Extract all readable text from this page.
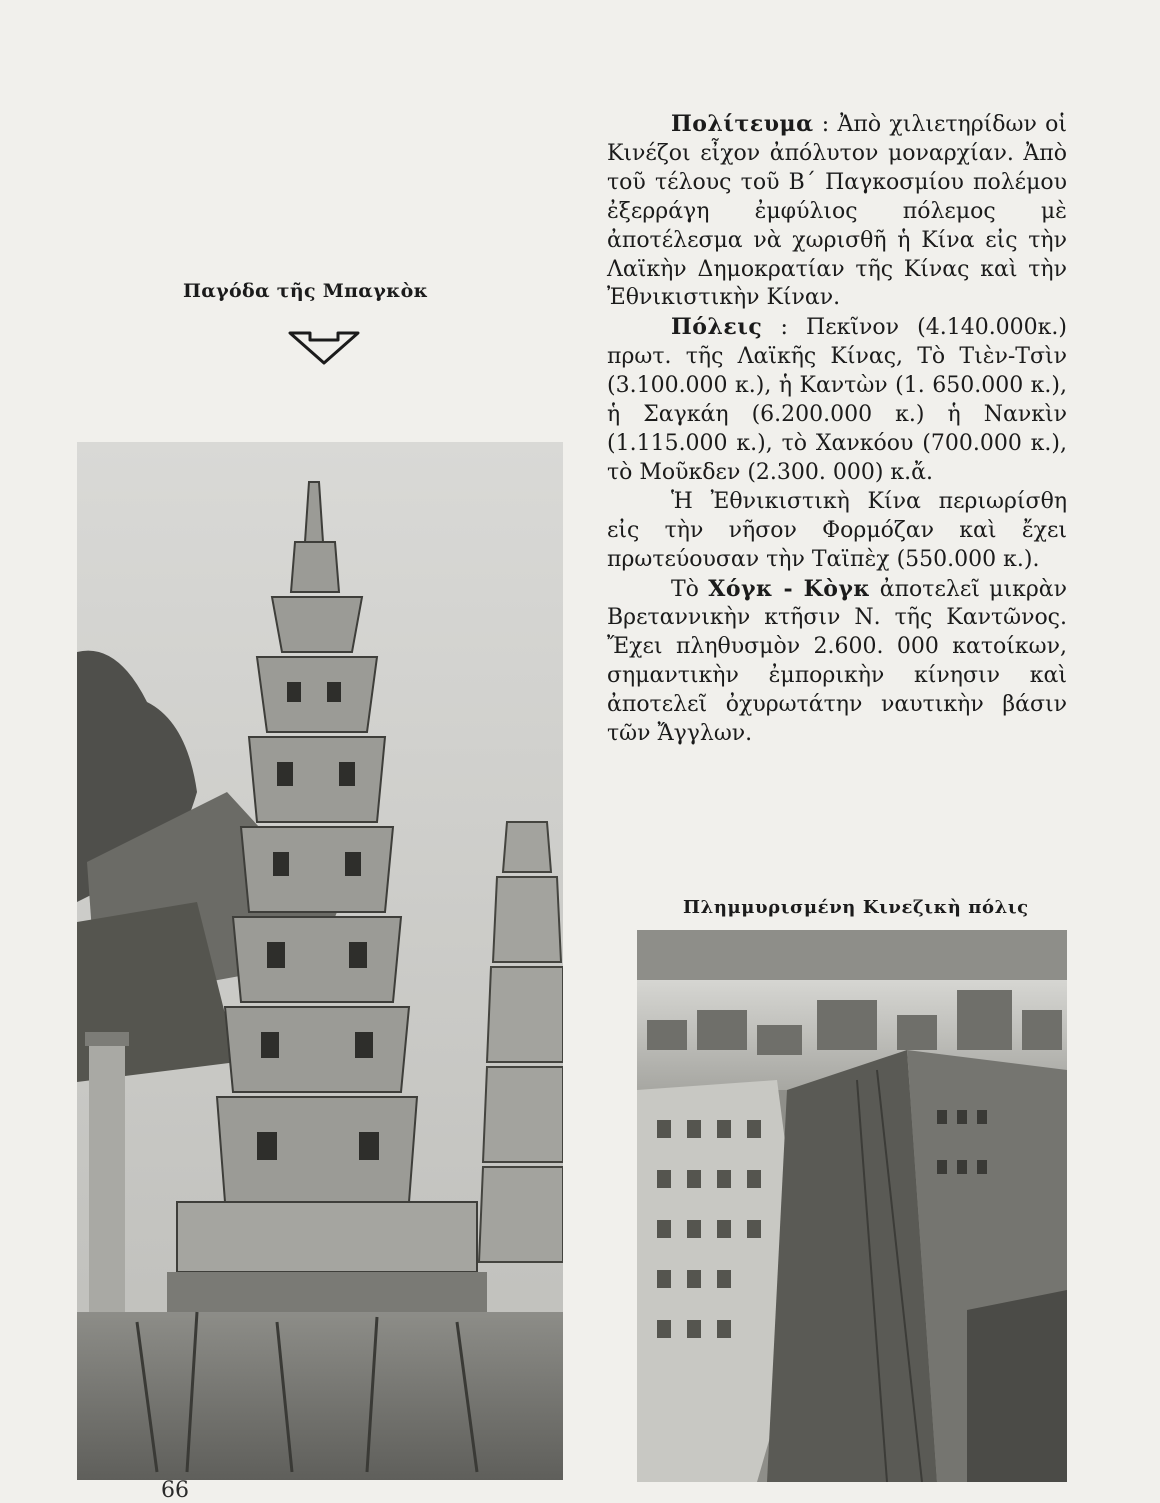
Παγόδα τῆς Μπαγκὸκ

Πολίτευμα : Ἀπὸ χιλιετηρίδων οἱ Κινέζοι εἶχον ἀπόλυτον μοναρχίαν. Ἀπὸ τοῦ τέλους τοῦ Β΄ Παγκοσμίου πολέμου ἐξερράγη ἐμφύλιος πόλεμος μὲ ἀποτέλεσμα νὰ χωρισθῆ ἡ Κίνα εἰς τὴν Λαϊκὴν Δημοκρατίαν τῆς Κίνας καὶ τὴν Ἐθνικιστικὴν Κίναν.

Πόλεις : Πεκῖνον (4.140.000κ.) πρωτ. τῆς Λαϊκῆς Κίνας, Τὸ Τιὲν-Τσὶν (3.100.000 κ.), ἡ Καντὼν (1. 650.000 κ.), ἡ Σαγκάη (6.200.000 κ.) ἡ Νανκὶν (1.115.000 κ.), τὸ Χανκόου (700.000 κ.), τὸ Μοῦκδεν (2.300. 000) κ.ἄ.

Ἡ Ἐθνικιστικὴ Κίνα περιωρίσθη εἰς τὴν νῆσον Φορμόζαν καὶ ἔχει πρωτεύουσαν τὴν Ταϊπὲχ (550.000 κ.).

Τὸ Χόγκ - Κὸγκ ἀποτελεῖ μικρὰν Βρεταννικὴν κτῆσιν Ν. τῆς Καντῶνος. Ἔχει πληθυσμὸν 2.600. 000 κατοίκων, σημαντικὴν ἐμπορικὴν κίνησιν καὶ ἀποτελεῖ ὀχυρωτάτην ναυτικὴν βάσιν τῶν Ἄγγλων.

Πλημμυρισμένη Κινεζικὴ πόλις
66
